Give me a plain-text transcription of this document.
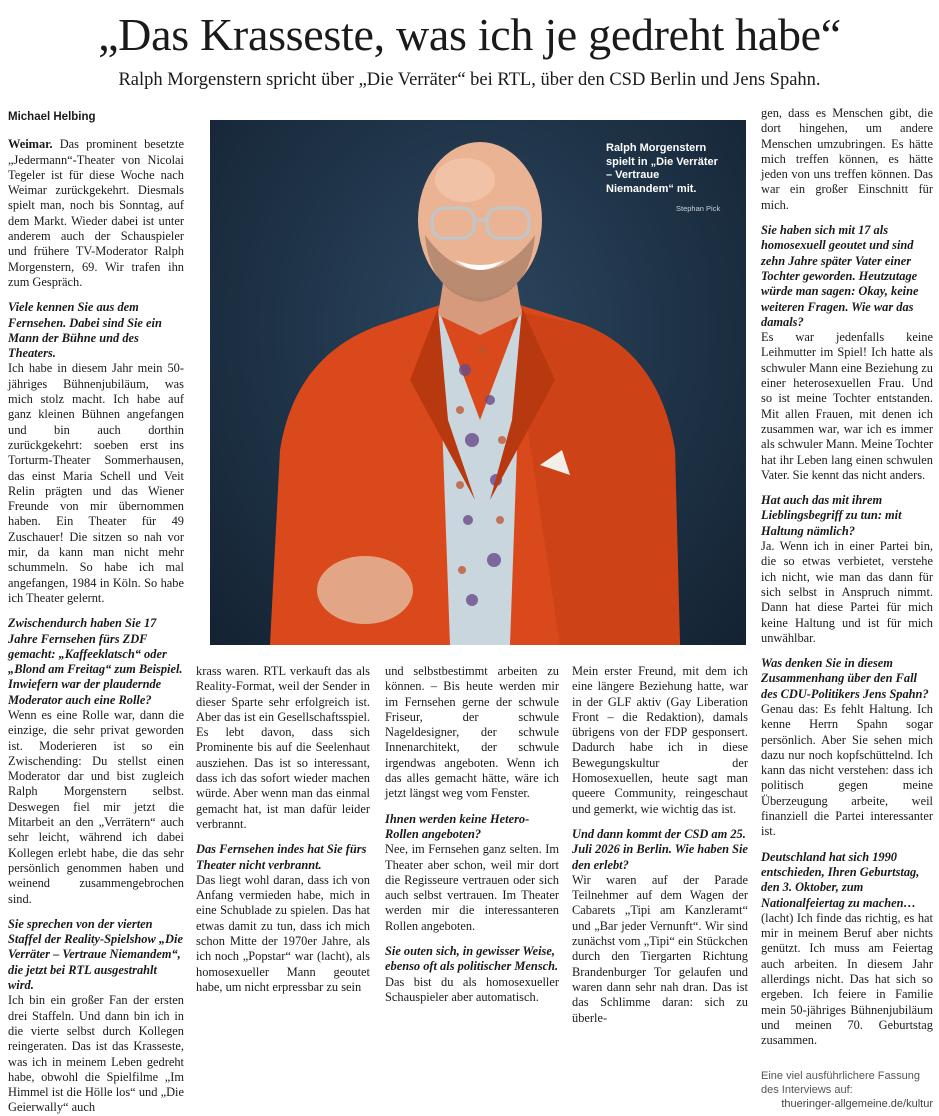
„Das Krasseste, was ich je gedreht habe“
Ralph Morgenstern spricht über „Die Verräter“ bei RTL, über den CSD Berlin und Jens Spahn.
Michael Helbing

Weimar. Das prominent besetzte „Jedermann“-Theater von Nicolai Tegeler ist für diese Woche nach Weimar zurückgekehrt. Diesmals spielt man, noch bis Sonntag, auf dem Markt. Wieder dabei ist unter anderem auch der Schauspieler und frühere TV-Moderator Ralph Morgenstern, 69. Wir trafen ihn zum Gespräch.

Viele kennen Sie aus dem Fernsehen. Dabei sind Sie ein Mann der Bühne und des Theaters.

Ich habe in diesem Jahr mein 50-jähriges Bühnenjubiläum, was mich stolz macht. Ich habe auf ganz kleinen Bühnen angefangen und bin auch dorthin zurückgekehrt: soeben erst ins Torturm-Theater Sommerhausen, das einst Maria Schell und Veit Relin prägten und das Wiener Freunde von mir übernommen haben. Ein Theater für 49 Zuschauer! Die sitzen so nah vor mir, da kann man nicht mehr schummeln. So habe ich mal angefangen, 1984 in Köln. So habe ich Theater gelernt.

Zwischendurch haben Sie 17 Jahre Fernsehen fürs ZDF gemacht: „Kaffeeklatsch“ oder „Blond am Freitag“ zum Beispiel. Inwiefern war der plaudernde Moderator auch eine Rolle?

Wenn es eine Rolle war, dann die einzige, die sehr privat geworden ist. Moderieren ist so ein Zwischending: Du stellst einen Moderator dar und bist zugleich Ralph Morgenstern selbst. Deswegen fiel mir jetzt die Mitarbeit an den „Verrätern“ auch sehr leicht, während ich dabei Kollegen erlebt habe, die das sehr persönlich genommen haben und weinend zusammengebrochen sind.

Sie sprechen von der vierten Staffel der Reality-Spielshow „Die Verräter – Vertraue Niemandem“, die jetzt bei RTL ausgestrahlt wird.

Ich bin ein großer Fan der ersten drei Staffeln. Und dann bin ich in die vierte selbst durch Kollegen reingeraten. Das ist das Krasseste, was ich in meinem Leben gedreht habe, obwohl die Spielfilme „Im Himmel ist die Hölle los“ und „Die Geierwally“ auch

Ralph Morgenstern spielt in „Die Verräter – Vertraue Niemandem“ mit.
Stephan Pick

krass waren. RTL verkauft das als Reality-Format, weil der Sender in dieser Sparte sehr erfolgreich ist. Aber das ist ein Gesellschaftsspiel. Es lebt davon, dass sich Prominente bis auf die Seelenhaut ausziehen. Das ist so interessant, dass ich das sofort wieder machen würde. Aber wenn man das einmal gemacht hat, ist man dafür leider verbrannt.

Das Fernsehen indes hat Sie fürs Theater nicht verbrannt.

Das liegt wohl daran, dass ich von Anfang vermieden habe, mich in eine Schublade zu spielen. Das hat etwas damit zu tun, dass ich mich schon Mitte der 1970er Jahre, als ich noch „Popstar“ war (lacht), als homosexueller Mann geoutet habe, um nicht erpressbar zu sein

und selbstbestimmt arbeiten zu können. – Bis heute werden mir im Fernsehen gerne der schwule Friseur, der schwule Nageldesigner, der schwule Innenarchitekt, der schwule irgendwas angeboten. Wenn ich das alles gemacht hätte, wäre ich jetzt längst weg vom Fenster.

Ihnen werden keine Hetero-Rollen angeboten?

Nee, im Fernsehen ganz selten. Im Theater aber schon, weil mir dort die Regisseure vertrauen oder sich auch selbst vertrauen. Im Theater werden mir die interessanteren Rollen angeboten.

Sie outen sich, in gewisser Weise, ebenso oft als politischer Mensch.

Das bist du als homosexueller Schauspieler aber automatisch.

Mein erster Freund, mit dem ich eine längere Beziehung hatte, war in der GLF aktiv (Gay Liberation Front – die Redaktion), damals übrigens von der FDP gesponsert. Dadurch habe ich in diese Bewegungskultur der Homosexuellen, heute sagt man queere Community, reingeschaut und gemerkt, wie wichtig das ist.

Und dann kommt der CSD am 25. Juli 2026 in Berlin. Wie haben Sie den erlebt?

Wir waren auf der Parade Teilnehmer auf dem Wagen der Cabarets „Tipi am Kanzleramt“ und „Bar jeder Vernunft“. Wir sind zunächst vom „Tipi“ ein Stückchen durch den Tiergarten Richtung Brandenburger Tor gelaufen und waren dann sehr nah dran. Das ist das Schlimme daran: sich zu überle-

gen, dass es Menschen gibt, die dort hingehen, um andere Menschen umzubringen. Es hätte mich treffen können, es hätte jeden von uns treffen können. Das war ein großer Einschnitt für mich.

Sie haben sich mit 17 als homosexuell geoutet und sind zehn Jahre später Vater einer Tochter geworden. Heutzutage würde man sagen: Okay, keine weiteren Fragen. Wie war das damals?

Es war jedenfalls keine Leihmutter im Spiel! Ich hatte als schwuler Mann eine Beziehung zu einer heterosexuellen Frau. Und so ist meine Tochter entstanden. Mit allen Frauen, mit denen ich zusammen war, war ich es immer als schwuler Mann. Meine Tochter hat ihr Leben lang einen schwulen Vater. Sie kennt das nicht anders.

Hat auch das mit ihrem Lieblingsbegriff zu tun: mit Haltung nämlich?

Ja. Wenn ich in einer Partei bin, die so etwas verbietet, verstehe ich nicht, wie man das dann für sich selbst in Anspruch nimmt. Dann hat diese Partei für mich keine Haltung und ist für mich unwählbar.

Was denken Sie in diesem Zusammenhang über den Fall des CDU-Politikers Jens Spahn?

Genau das: Es fehlt Haltung. Ich kenne Herrn Spahn sogar persönlich. Aber Sie sehen mich dazu nur noch kopfschüttelnd. Ich kann das nicht verstehen: dass ich politisch gegen meine Überzeugung arbeite, weil finanziell die Partei interessanter ist.

Deutschland hat sich 1990 entschieden, Ihren Geburtstag, den 3. Oktober, zum Nationalfeiertag zu machen…

(lacht) Ich finde das richtig, es hat mir in meinem Beruf aber nichts genützt. Ich muss am Feiertag auch arbeiten. In diesem Jahr allerdings nicht. Das hat sich so ergeben. Ich feiere in Familie mein 50-jähriges Bühnenjubiläum und meinen 70. Geburtstag zusammen.

Eine viel ausführlichere Fassung des Interviews auf:
thueringer-allgemeine.de/kultur
